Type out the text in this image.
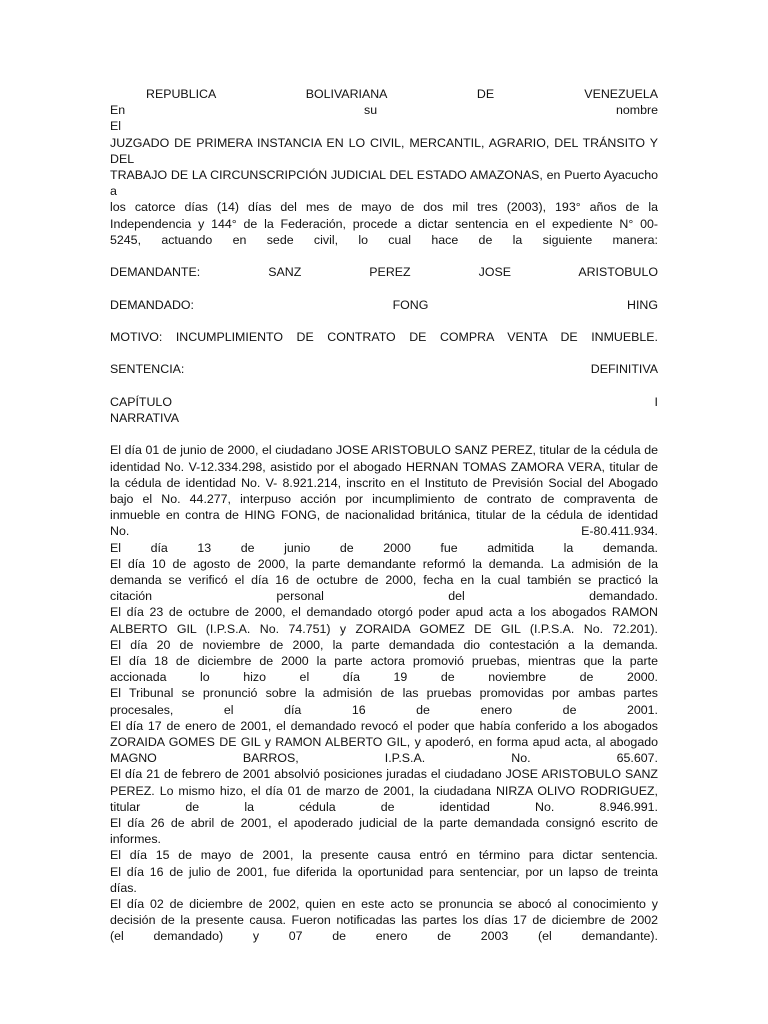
REPUBLICA BOLIVARIANA DE VENEZUELA
En su nombre
El
JUZGADO DE PRIMERA INSTANCIA EN LO CIVIL, MERCANTIL, AGRARIO, DEL TRÁNSITO Y DEL
TRABAJO DE LA CIRCUNSCRIPCIÓN JUDICIAL DEL ESTADO AMAZONAS, en Puerto Ayacucho a
los catorce días (14) días del mes de mayo de dos mil tres (2003), 193° años de la
Independencia y 144° de la Federación, procede a dictar sentencia en el expediente N° 00-
5245, actuando en sede civil, lo cual hace de la siguiente manera:
DEMANDANTE: SANZ PEREZ JOSE ARISTOBULO
DEMANDADO: FONG HING
MOTIVO: INCUMPLIMIENTO DE CONTRATO DE COMPRA VENTA DE INMUEBLE.
SENTENCIA: DEFINITIVA
CAPÍTULO I
NARRATIVA
El día 01 de junio de 2000, el ciudadano JOSE ARISTOBULO SANZ PEREZ, titular de la cédula de
identidad No. V-12.334.298, asistido por el abogado HERNAN TOMAS ZAMORA VERA, titular de
la cédula de identidad No. V- 8.921.214, inscrito en el Instituto de Previsión Social del Abogado
bajo el No. 44.277, interpuso acción por incumplimiento de contrato de compraventa de
inmueble en contra de HING FONG, de nacionalidad británica, titular de la cédula de identidad
No. E-80.411.934.
El día 13 de junio de 2000 fue admitida la demanda.
El día 10 de agosto de 2000, la parte demandante reformó la demanda. La admisión de la
demanda se verificó el día 16 de octubre de 2000, fecha en la cual también se practicó la
citación personal del demandado.
El día 23 de octubre de 2000, el demandado otorgó poder apud acta a los abogados RAMON
ALBERTO GIL (I.P.S.A. No. 74.751) y ZORAIDA GOMEZ DE GIL (I.P.S.A. No. 72.201).
El día 20 de noviembre de 2000, la parte demandada dio contestación a la demanda.
El día 18 de diciembre de 2000 la parte actora promovió pruebas, mientras que la parte
accionada lo hizo el día 19 de noviembre de 2000.
El Tribunal se pronunció sobre la admisión de las pruebas promovidas por ambas partes
procesales, el día 16 de enero de 2001.
El día 17 de enero de 2001, el demandado revocó el poder que había conferido a los abogados
ZORAIDA GOMES DE GIL y RAMON ALBERTO GIL, y apoderó, en forma apud acta, al abogado
MAGNO BARROS, I.P.S.A. No. 65.607.
El día 21 de febrero de 2001 absolvió posiciones juradas el ciudadano JOSE ARISTOBULO SANZ
PEREZ. Lo mismo hizo, el día 01 de marzo de 2001, la ciudadana NIRZA OLIVO RODRIGUEZ,
titular de la cédula de identidad No. 8.946.991.
El día 26 de abril de 2001, el apoderado judicial de la parte demandada consignó escrito de
informes.
El día 15 de mayo de 2001, la presente causa entró en término para dictar sentencia.
El día 16 de julio de 2001, fue diferida la oportunidad para sentenciar, por un lapso de treinta
días.
El día 02 de diciembre de 2002, quien en este acto se pronuncia se abocó al conocimiento y
decisión de la presente causa. Fueron notificadas las partes los días 17 de diciembre de 2002
(el demandado) y 07 de enero de 2003 (el demandante).
